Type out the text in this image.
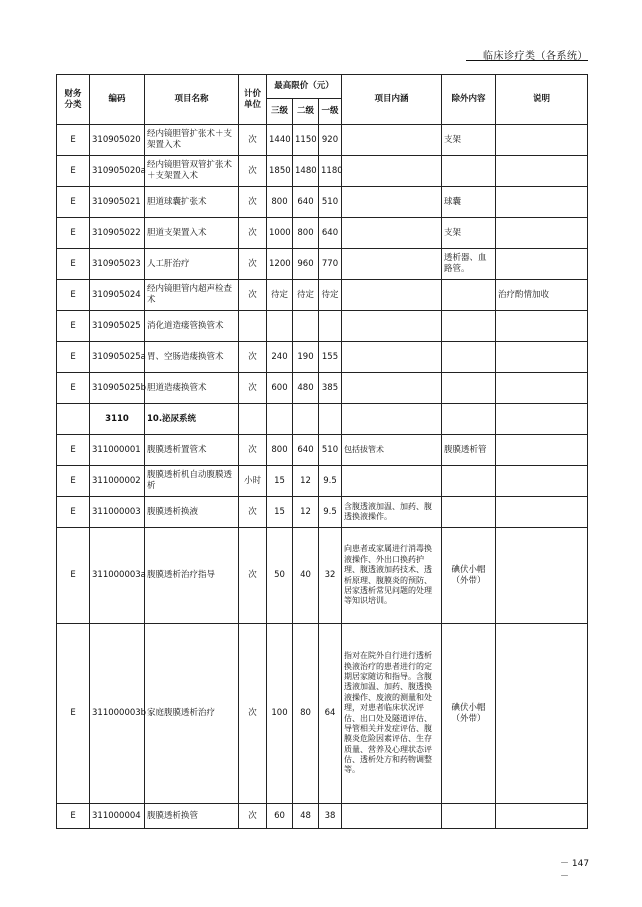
临床诊疗类（各系统）
财务
分类	编码	项目名称	计价
单位	最高限价（元）			项目内涵	除外内容	说明
				三级	二级	一级			
E	310905020	经内镜胆管扩张术＋支架置入术	次	1440	1150	920		支架	
E	310905020a	经内镜胆管双管扩张术＋支架置入术	次	1850	1480	1180			
E	310905021	胆道球囊扩张术	次	800	640	510		球囊	
E	310905022	胆道支架置入术	次	1000	800	640		支架	
E	310905023	人工肝治疗	次	1200	960	770		透析器、血路管。	
E	310905024	经内镜胆管内超声检查术	次	待定	待定	待定			治疗酌情加收
E	310905025	消化道造瘘管换管术							
E	310905025a	胃、空肠造瘘换管术	次	240	190	155			
E	310905025b	胆道造瘘换管术	次	600	480	385			
	3110	10.泌尿系统							
E	311000001	腹膜透析置管术	次	800	640	510	包括拔管术	腹膜透析管	
E	311000002	腹膜透析机自动腹膜透析	小时	15	12	9.5			
E	311000003	腹膜透析换液	次	15	12	9.5	含腹透液加温、加药、腹透换液操作。		
E	311000003a	腹膜透析治疗指导	次	50	40	32	向患者或家属进行消毒换液操作、外出口换药护理、腹透液加药技术、透析原理、腹膜炎的预防、居家透析常见问题的处理等知识培训。	碘伏小帽（外带）	
E	311000003b	家庭腹膜透析治疗	次	100	80	64	指对在院外自行进行透析换液治疗的患者进行的定期居家随访和指导。含腹透液加温、加药、腹透换液操作、废液的测量和处理，对患者临床状况评估、出口处及隧道评估、导管相关并发症评估、腹膜炎危险因素评估、生存质量、营养及心理状态评估、透析处方和药物调整等。	碘伏小帽（外带）	
E	311000004	腹膜透析换管	次	60	48	38			
－ 147 －
